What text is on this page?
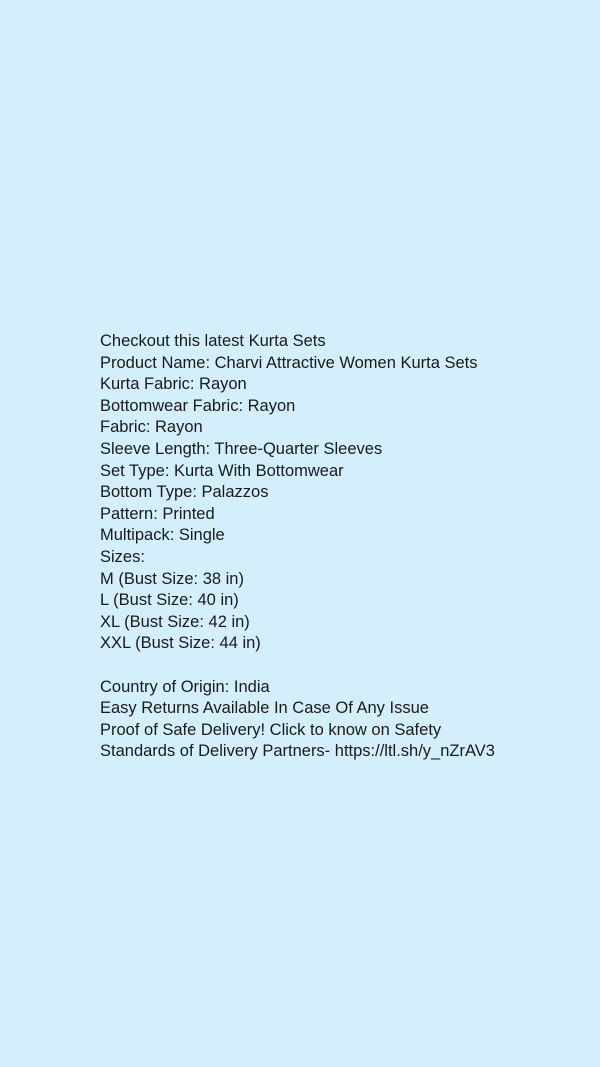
Checkout this latest Kurta Sets
Product Name: Charvi Attractive Women Kurta Sets
Kurta Fabric: Rayon
Bottomwear Fabric: Rayon
Fabric: Rayon
Sleeve Length: Three-Quarter Sleeves
Set Type: Kurta With Bottomwear
Bottom Type: Palazzos
Pattern: Printed
Multipack: Single
Sizes:
M (Bust Size: 38 in)
L (Bust Size: 40 in)
XL (Bust Size: 42 in)
XXL (Bust Size: 44 in)
Country of Origin: India
Easy Returns Available In Case Of Any Issue
Proof of Safe Delivery! Click to know on Safety
Standards of Delivery Partners- https://ltl.sh/y_nZrAV3
